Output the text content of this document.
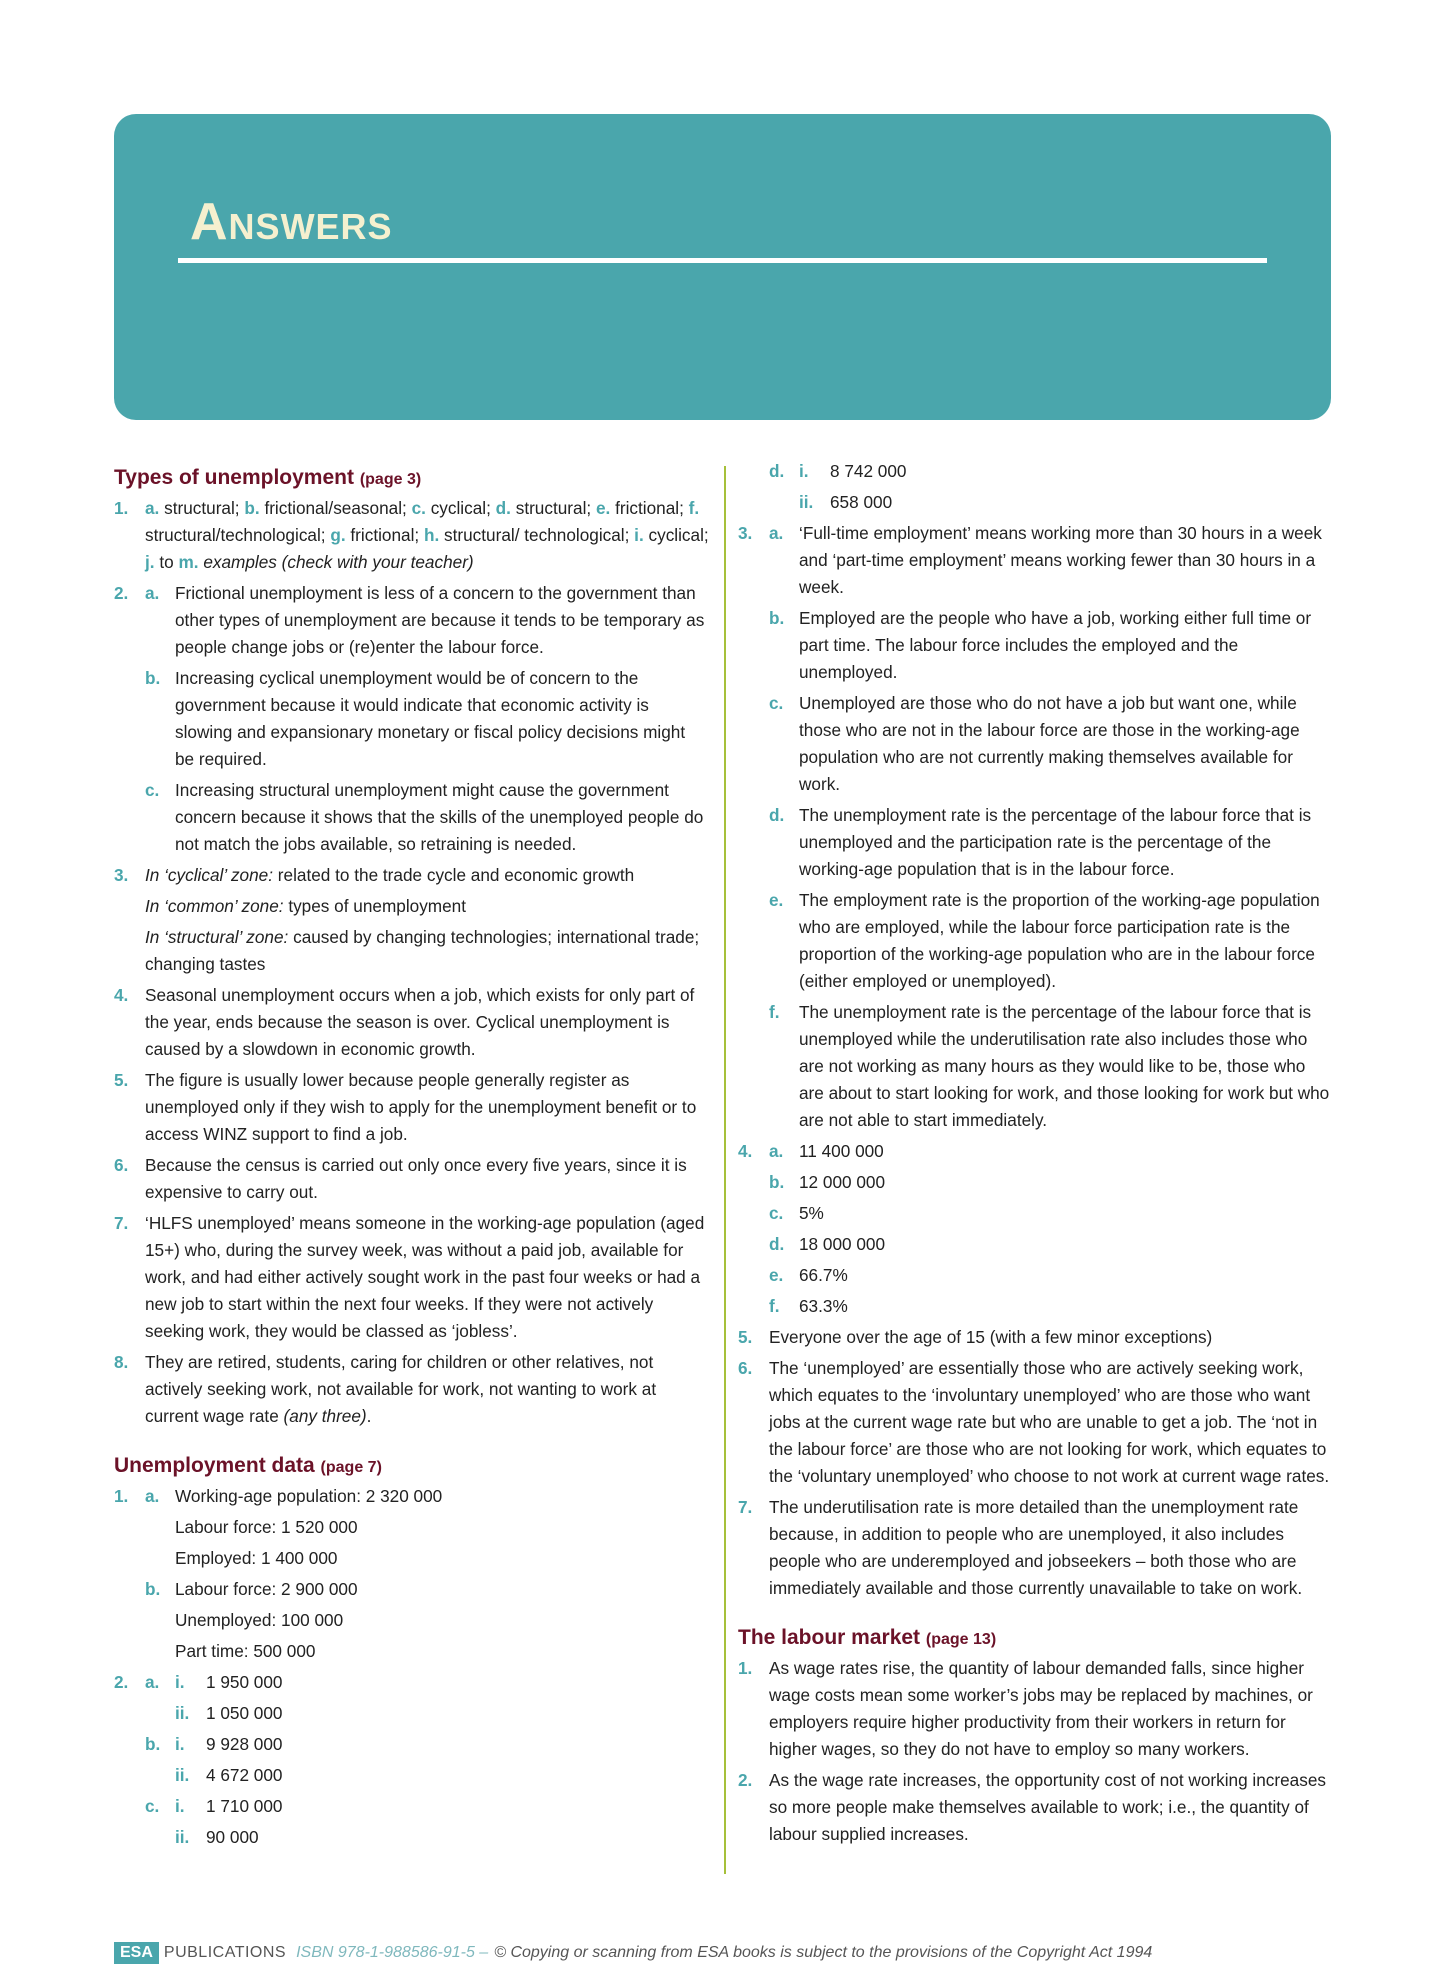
Answers
Types of unemployment (page 3)
1. a. structural; b. frictional/seasonal; c. cyclical; d. structural; e. frictional; f. structural/technological; g. frictional; h. structural/ technological; i. cyclical; j. to m. examples (check with your teacher)
2. a. Frictional unemployment is less of a concern to the government than other types of unemployment are because it tends to be temporary as people change jobs or (re)enter the labour force.
b. Increasing cyclical unemployment would be of concern to the government because it would indicate that economic activity is slowing and expansionary monetary or fiscal policy decisions might be required.
c. Increasing structural unemployment might cause the government concern because it shows that the skills of the unemployed people do not match the jobs available, so retraining is needed.
3. In ‘cyclical’ zone: related to the trade cycle and economic growth
In ‘common’ zone: types of unemployment
In ‘structural’ zone: caused by changing technologies; international trade; changing tastes
4. Seasonal unemployment occurs when a job, which exists for only part of the year, ends because the season is over. Cyclical unemployment is caused by a slowdown in economic growth.
5. The figure is usually lower because people generally register as unemployed only if they wish to apply for the unemployment benefit or to access WINZ support to find a job.
6. Because the census is carried out only once every five years, since it is expensive to carry out.
7. ‘HLFS unemployed’ means someone in the working-age population (aged 15+) who, during the survey week, was without a paid job, available for work, and had either actively sought work in the past four weeks or had a new job to start within the next four weeks. If they were not actively seeking work, they would be classed as ‘jobless’.
8. They are retired, students, caring for children or other relatives, not actively seeking work, not available for work, not wanting to work at current wage rate (any three).
Unemployment data (page 7)
1. a. Working-age population: 2 320 000
Labour force: 1 520 000
Employed: 1 400 000
b. Labour force: 2 900 000
Unemployed: 100 000
Part time: 500 000
2. a. i. 1 950 000
ii. 1 050 000
b. i. 9 928 000
ii. 4 672 000
c. i. 1 710 000
ii. 90 000
d. i. 8 742 000
ii. 658 000
3. a. ‘Full-time employment’ means working more than 30 hours in a week and ‘part-time employment’ means working fewer than 30 hours in a week.
b. Employed are the people who have a job, working either full time or part time. The labour force includes the employed and the unemployed.
c. Unemployed are those who do not have a job but want one, while those who are not in the labour force are those in the working-age population who are not currently making themselves available for work.
d. The unemployment rate is the percentage of the labour force that is unemployed and the participation rate is the percentage of the working-age population that is in the labour force.
e. The employment rate is the proportion of the working-age population who are employed, while the labour force participation rate is the proportion of the working-age population who are in the labour force (either employed or unemployed).
f. The unemployment rate is the percentage of the labour force that is unemployed while the underutilisation rate also includes those who are not working as many hours as they would like to be, those who are about to start looking for work, and those looking for work but who are not able to start immediately.
4. a. 11 400 000
b. 12 000 000
c. 5%
d. 18 000 000
e. 66.7%
f. 63.3%
5. Everyone over the age of 15 (with a few minor exceptions)
6. The ‘unemployed’ are essentially those who are actively seeking work, which equates to the ‘involuntary unemployed’ who are those who want jobs at the current wage rate but who are unable to get a job. The ‘not in the labour force’ are those who are not looking for work, which equates to the ‘voluntary unemployed’ who choose to not work at current wage rates.
7. The underutilisation rate is more detailed than the unemployment rate because, in addition to people who are unemployed, it also includes people who are underemployed and jobseekers – both those who are immediately available and those currently unavailable to take on work.
The labour market (page 13)
1. As wage rates rise, the quantity of labour demanded falls, since higher wage costs mean some worker’s jobs may be replaced by machines, or employers require higher productivity from their workers in return for higher wages, so they do not have to employ so many workers.
2. As the wage rate increases, the opportunity cost of not working increases so more people make themselves available to work; i.e., the quantity of labour supplied increases.
ESA PUBLICATIONS ISBN 978-1-988586-91-5 – © Copying or scanning from ESA books is subject to the provisions of the Copyright Act 1994
